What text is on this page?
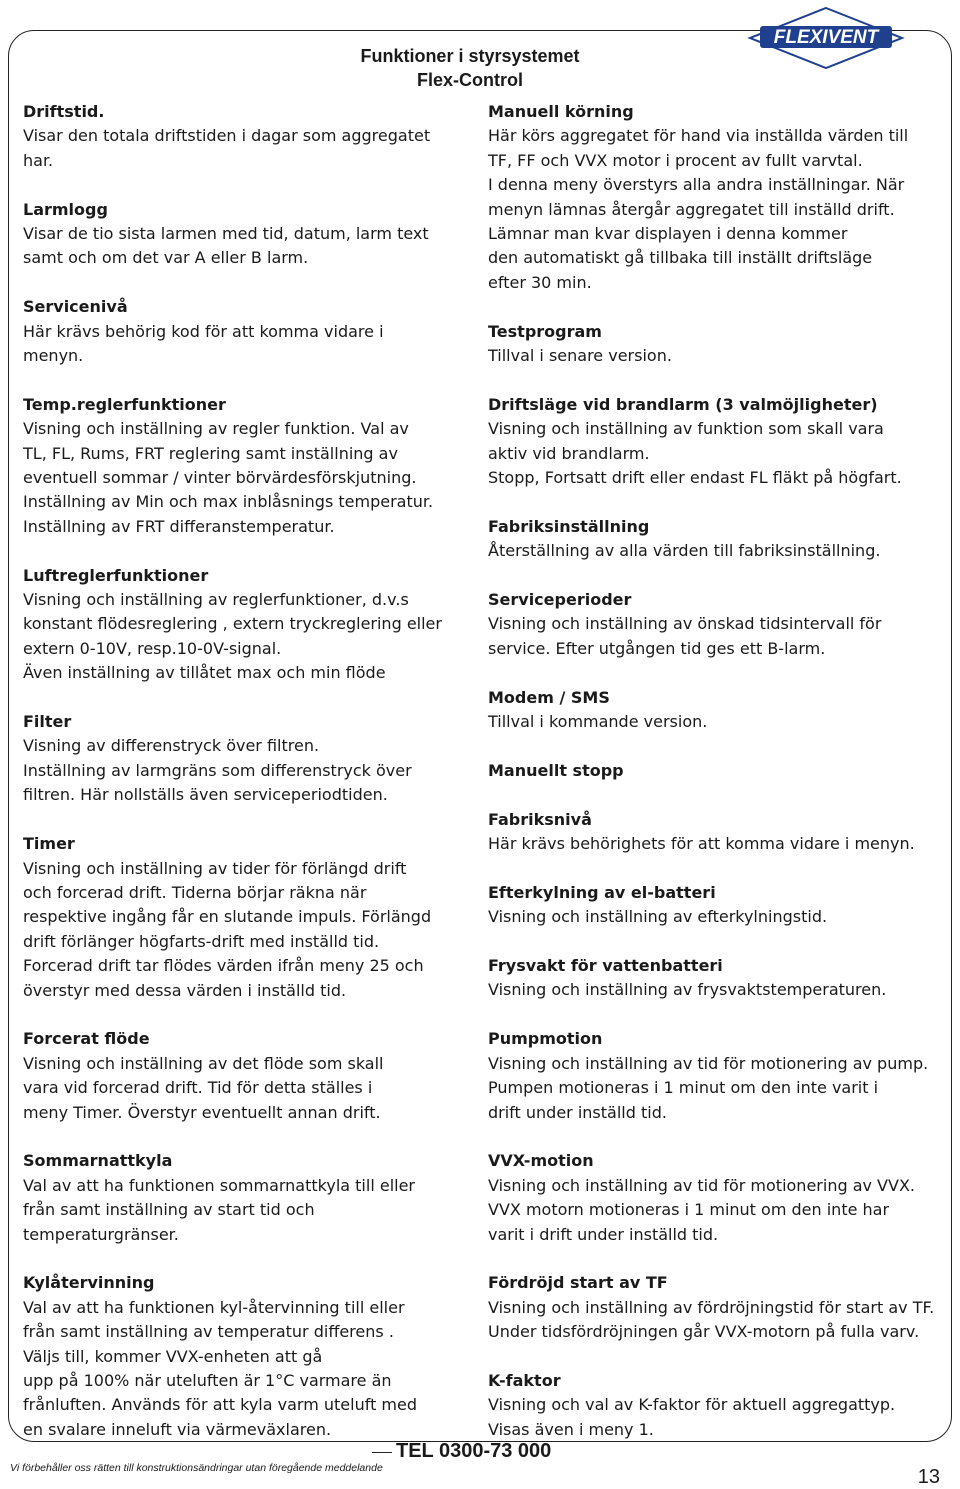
FLEXIVENT
Funktioner i styrsystemet
Flex-Control
Driftstid.
Visar den totala driftstiden i dagar som aggregatet
har.
Larmlogg
Visar de tio sista larmen med tid, datum, larm text
samt och om det var A eller B larm.
Servicenivå
Här krävs behörig kod för att komma vidare i
menyn.
Temp.reglerfunktioner
Visning och inställning av regler funktion. Val av
TL, FL, Rums, FRT reglering samt inställning av
eventuell sommar / vinter börvärdesförskjutning.
Inställning av Min och max inblåsnings temperatur.
Inställning av FRT differanstemperatur.
Luftreglerfunktioner
Visning och inställning av reglerfunktioner, d.v.s
konstant flödesreglering , extern tryckreglering eller
extern 0-10V, resp.10-0V-signal.
Även inställning av tillåtet max och min flöde
Filter
Visning av differenstryck över filtren.
Inställning av larmgräns som differenstryck över
filtren. Här nollställs även serviceperiodtiden.
Timer
Visning och inställning av tider för förlängd drift
och forcerad drift. Tiderna börjar räkna när
respektive ingång får en slutande impuls. Förlängd
drift förlänger högfarts-drift med inställd tid.
Forcerad drift tar flödes värden ifrån meny 25 och
överstyr med dessa värden i inställd tid.
Forcerat flöde
Visning och inställning av det flöde som skall
vara vid forcerad drift. Tid för detta ställes i
meny Timer. Överstyr eventuellt annan drift.
Sommarnattkyla
Val av att ha funktionen sommarnattkyla till eller
från samt inställning av start tid och
temperaturgränser.
Kylåtervinning
Val av att ha funktionen kyl-återvinning till eller
från samt inställning av temperatur differens .
Väljs till, kommer VVX-enheten att gå
upp på 100% när uteluften är 1°C varmare än
frånluften. Används för att kyla varm uteluft med
en svalare inneluft via värmeväxlaren.
Manuell körning
Här körs aggregatet för hand via inställda värden till
TF, FF och VVX motor i procent av fullt varvtal.
I denna meny överstyrs alla andra inställningar. När
menyn lämnas återgår aggregatet till inställd drift.
Lämnar man kvar displayen i denna kommer
den automatiskt gå tillbaka till inställt driftsläge
efter 30 min.
Testprogram
Tillval i senare version.
Driftsläge vid brandlarm (3 valmöjligheter)
Visning och inställning av funktion som skall vara
aktiv vid brandlarm.
Stopp, Fortsatt drift eller endast FL fläkt på högfart.
Fabriksinställning
Återställning av alla värden till fabriksinställning.
Serviceperioder
Visning och inställning av önskad tidsintervall för
service. Efter utgången tid ges ett B-larm.
Modem / SMS
Tillval i kommande version.
Manuellt stopp
Fabriksnivå
Här krävs behörighets för att komma vidare i menyn.
Efterkylning av el-batteri
Visning och inställning av efterkylningstid.
Frysvakt för vattenbatteri
Visning och inställning av frysvaktstemperaturen.
Pumpmotion
Visning och inställning av tid för motionering av pump.
Pumpen motioneras i 1 minut om den inte varit i
drift under inställd tid.
VVX-motion
Visning och inställning av tid för motionering av VVX.
VVX motorn motioneras i 1 minut om den inte har
varit i drift under inställd tid.
Fördröjd start av TF
Visning och inställning av fördröjningstid för start av TF.
Under tidsfördröjningen går VVX-motorn på fulla varv.
K-faktor
Visning och val av K-faktor för aktuell aggregattyp.
Visas även i meny 1.
TEL 0300-73 000
Vi förbehåller oss rätten till konstruktionsändringar utan föregående meddelande	13
